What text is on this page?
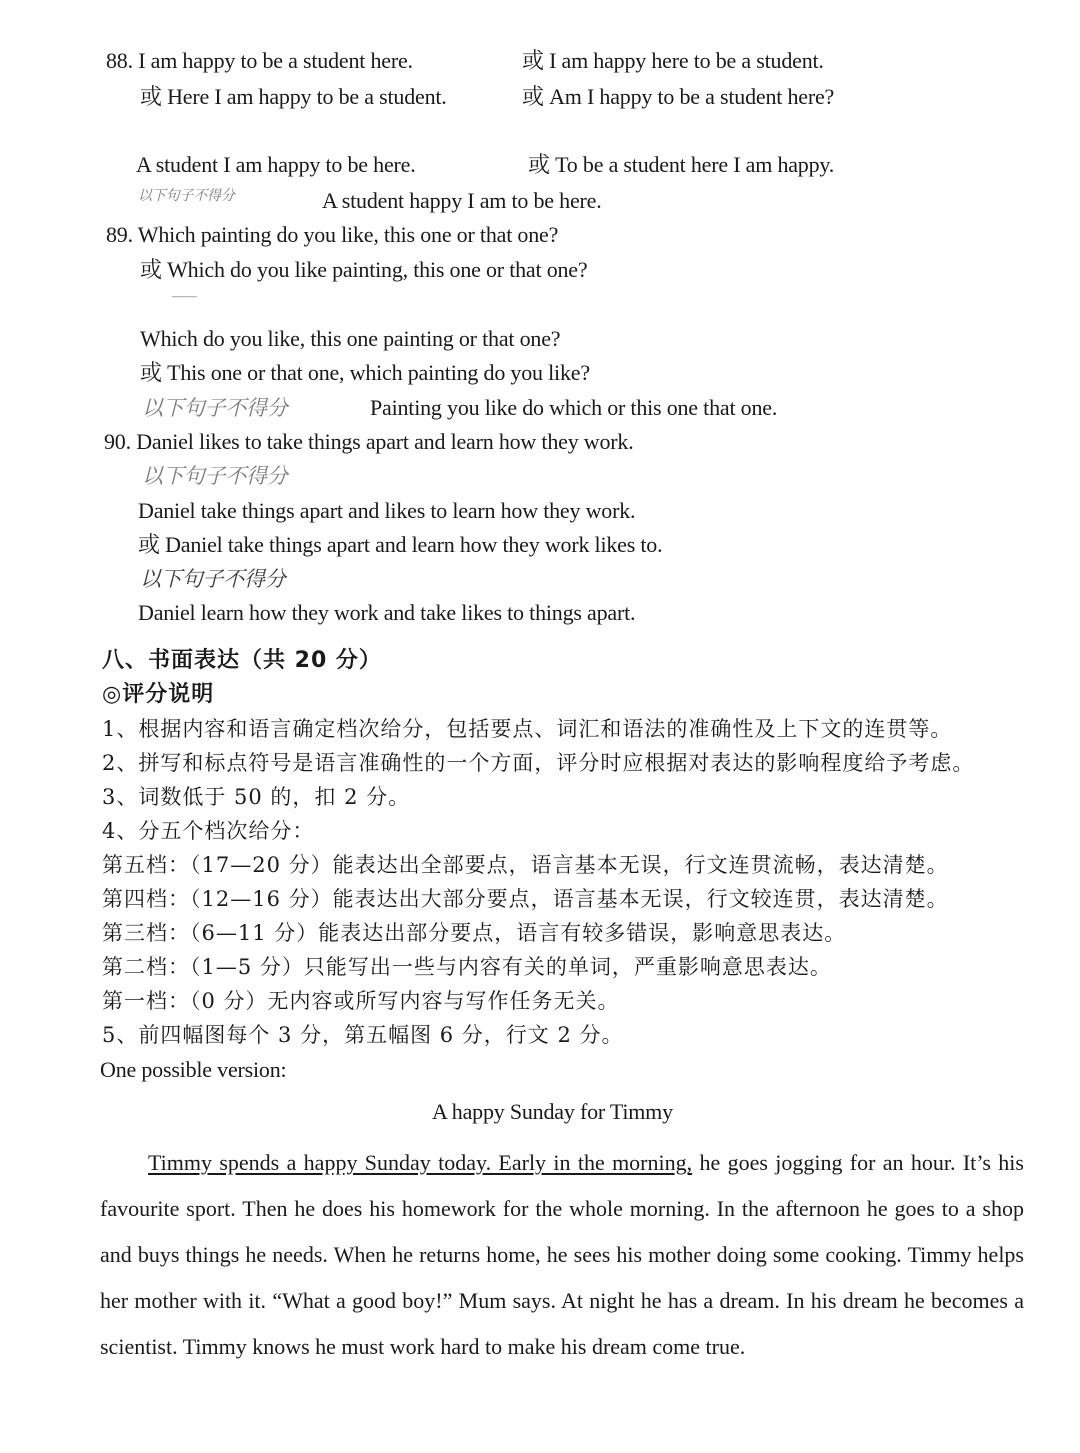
88. I am happy to be a student here.	或 I am happy here to be a student.
或 Here I am happy to be a student.	或 Am I happy to be a student here?
A student I am happy to be here.	或 To be a student here I am happy.
以下句子不得分	A student happy I am to be here.
89. Which painting do you like, this one or that one?
或 Which do you like painting, this one or that one?
——
Which do you like, this one painting or that one?
或 This one or that one, which painting do you like?
以下句子不得分	Painting you like do which or this one that one.
90. Daniel likes to take things apart and learn how they work.
以下句子不得分
Daniel take things apart and likes to learn how they work.
或 Daniel take things apart and learn how they work likes to.
以下句子不得分
Daniel learn how they work and take likes to things apart.
八、书面表达（共 20 分）
◎评分说明
1、根据内容和语言确定档次给分，包括要点、词汇和语法的准确性及上下文的连贯等。
2、拼写和标点符号是语言准确性的一个方面，评分时应根据对表达的影响程度给予考虑。
3、词数低于 50 的，扣 2 分。
4、分五个档次给分：
第五档：（17—20 分）能表达出全部要点，语言基本无误，行文连贯流畅，表达清楚。
第四档：（12—16 分）能表达出大部分要点，语言基本无误，行文较连贯，表达清楚。
第三档：（6—11 分）能表达出部分要点，语言有较多错误，影响意思表达。
第二档：（1—5 分）只能写出一些与内容有关的单词，严重影响意思表达。
第一档：（0 分）无内容或所写内容与写作任务无关。
5、前四幅图每个 3 分，第五幅图 6 分，行文 2 分。
One possible version:
A happy Sunday for Timmy

Timmy spends a happy Sunday today. Early in the morning, he goes jogging for an hour. It’s his favourite sport. Then he does his homework for the whole morning. In the afternoon he goes to a shop and buys things he needs. When he returns home, he sees his mother doing some cooking. Timmy helps her mother with it. “What a good boy!” Mum says. At night he has a dream. In his dream he becomes a scientist. Timmy knows he must work hard to make his dream come true.
